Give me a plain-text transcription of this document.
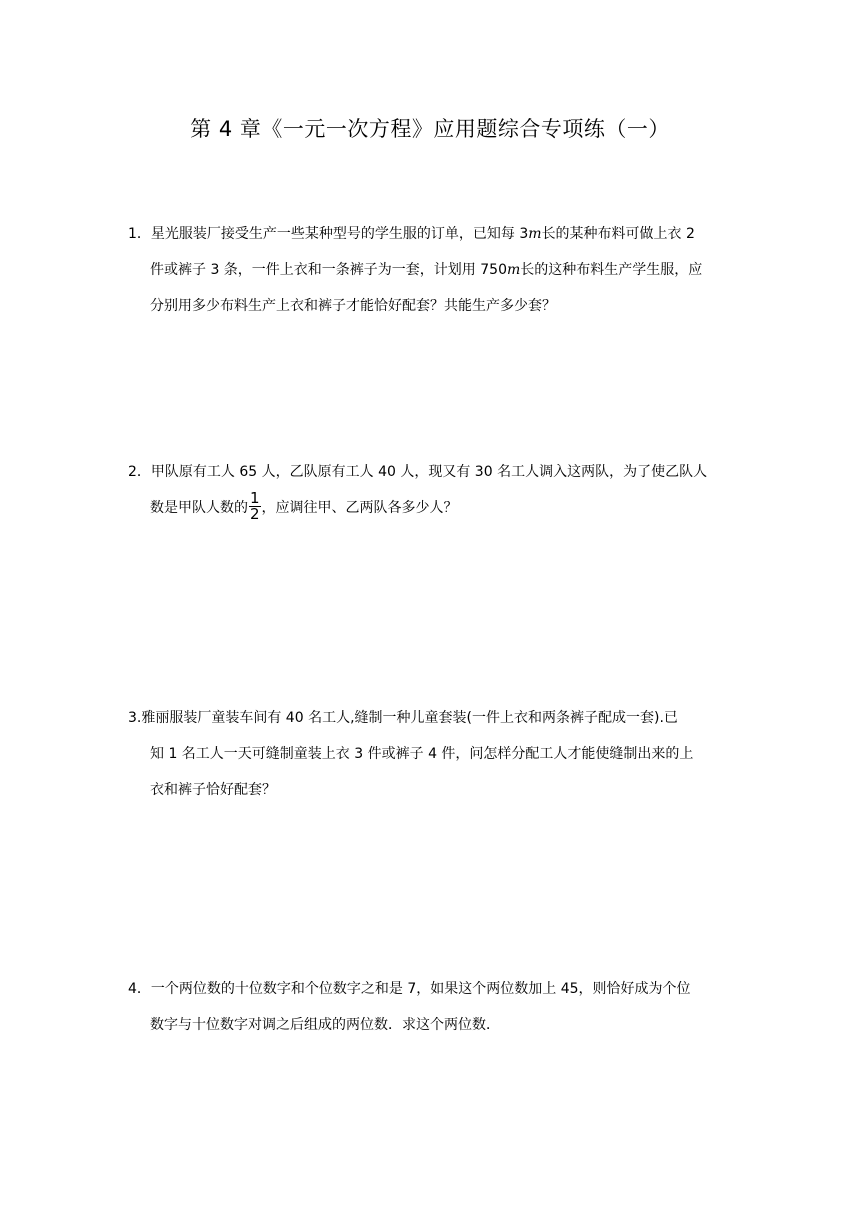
第 4 章《一元一次方程》应用题综合专项练（一）
1．星光服装厂接受生产一些某种型号的学生服的订单，已知每 3m长的某种布料可做上衣 2
件或裤子 3 条，一件上衣和一条裤子为一套，计划用 750m长的这种布料生产学生服，应
分别用多少布料生产上衣和裤子才能恰好配套？共能生产多少套？
2．甲队原有工人 65 人，乙队原有工人 40 人，现又有 30 名工人调入这两队，为了使乙队人
数是甲队人数的 $\frac{1}{2}$ ，应调往甲、乙两队各多少人？
3.雅丽服装厂童装车间有 40 名工人,缝制一种儿童套装(一件上衣和两条裤子配成一套).已
知 1 名工人一天可缝制童装上衣 3 件或裤子 4 件，问怎样分配工人才能使缝制出来的上
衣和裤子恰好配套？
4．一个两位数的十位数字和个位数字之和是 7，如果这个两位数加上 45，则恰好成为个位
数字与十位数字对调之后组成的两位数．求这个两位数．
